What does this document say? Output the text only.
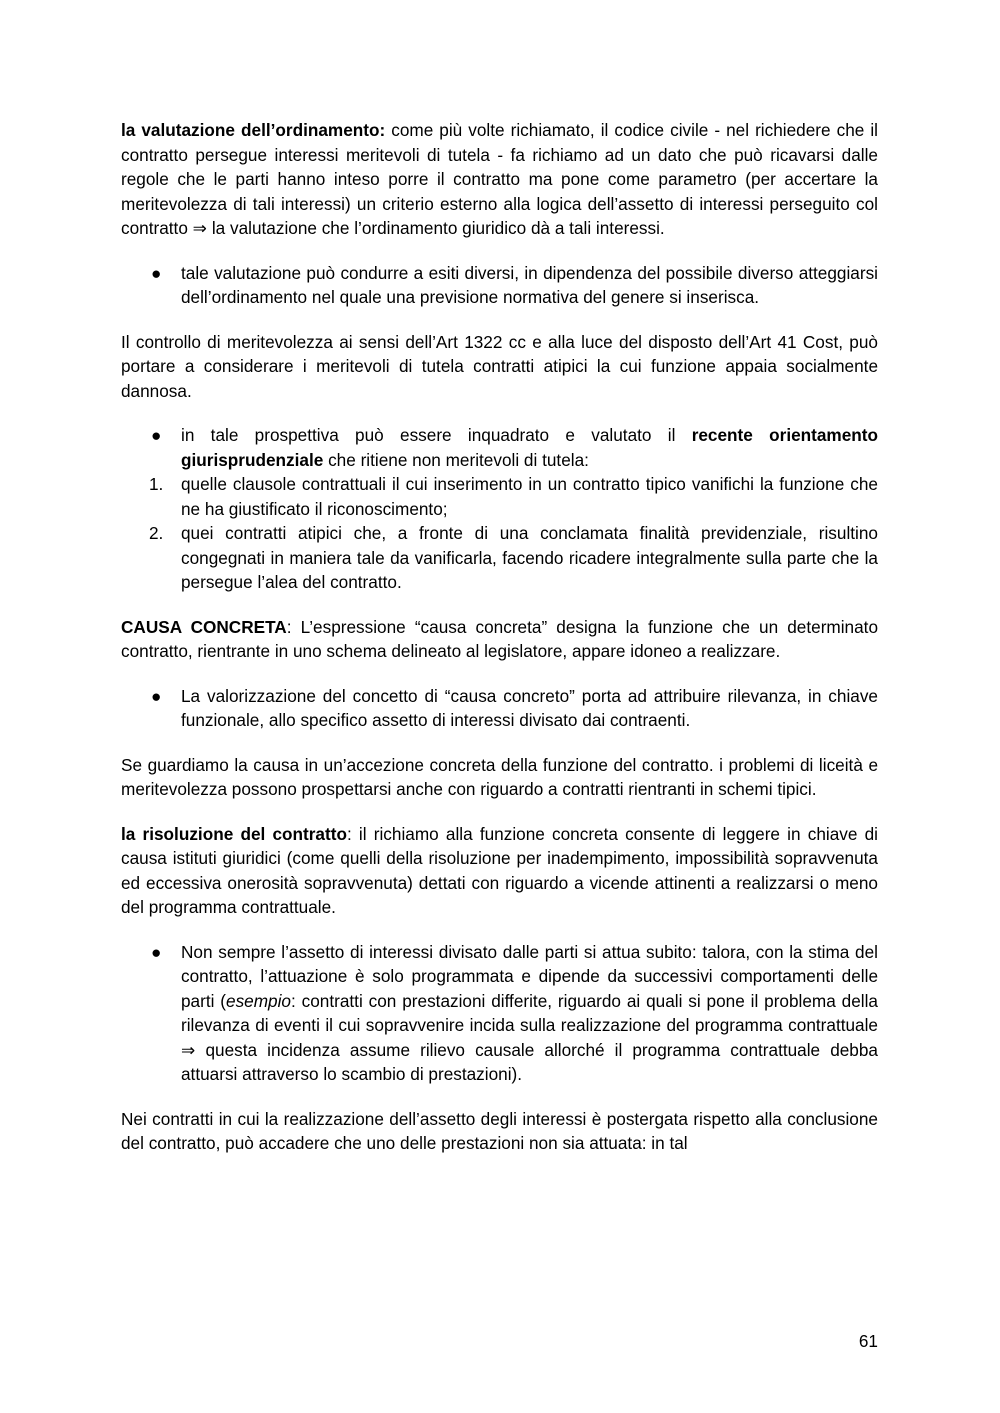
la valutazione dell’ordinamento: come più volte richiamato, il codice civile - nel richiedere che il contratto persegue interessi meritevoli di tutela - fa richiamo ad un dato che può ricavarsi dalle regole che le parti hanno inteso porre il contratto ma pone come parametro (per accertare la meritevolezza di tali interessi) un criterio esterno alla logica dell’assetto di interessi perseguito col contratto ⇒ la valutazione che l’ordinamento giuridico dà a tali interessi.

● tale valutazione può condurre a esiti diversi, in dipendenza del possibile diverso atteggiarsi dell’ordinamento nel quale una previsione normativa del genere si inserisca.

Il controllo di meritevolezza ai sensi dell’Art 1322 cc e alla luce del disposto dell’Art 41 Cost, può portare a considerare i meritevoli di tutela contratti atipici la cui funzione appaia socialmente dannosa.

● in tale prospettiva può essere inquadrato e valutato il recente orientamento giurisprudenziale che ritiene non meritevoli di tutela:
1. quelle clausole contrattuali il cui inserimento in un contratto tipico vanifichi la funzione che ne ha giustificato il riconoscimento;
2. quei contratti atipici che, a fronte di una conclamata finalità previdenziale, risultino congegnati in maniera tale da vanificarla, facendo ricadere integralmente sulla parte che la persegue l’alea del contratto.

CAUSA CONCRETA: L’espressione “causa concreta” designa la funzione che un determinato contratto, rientrante in uno schema delineato al legislatore, appare idoneo a realizzare.

● La valorizzazione del concetto di “causa concreto” porta ad attribuire rilevanza, in chiave funzionale, allo specifico assetto di interessi divisato dai contraenti.

Se guardiamo la causa in un’accezione concreta della funzione del contratto. i problemi di liceità e meritevolezza possono prospettarsi anche con riguardo a contratti rientranti in schemi tipici.

la risoluzione del contratto: il richiamo alla funzione concreta consente di leggere in chiave di causa istituti giuridici (come quelli della risoluzione per inadempimento, impossibilità sopravvenuta ed eccessiva onerosità sopravvenuta) dettati con riguardo a vicende attinenti a realizzarsi o meno del programma contrattuale.

● Non sempre l’assetto di interessi divisato dalle parti si attua subito: talora, con la stima del contratto, l’attuazione è solo programmata e dipende da successivi comportamenti delle parti (esempio: contratti con prestazioni differite, riguardo ai quali si pone il problema della rilevanza di eventi il cui sopravvenire incida sulla realizzazione del programma contrattuale ⇒ questa incidenza assume rilievo causale allorché il programma contrattuale debba attuarsi attraverso lo scambio di prestazioni).

Nei contratti in cui la realizzazione dell’assetto degli interessi è postergata rispetto alla conclusione del contratto, può accadere che uno delle prestazioni non sia attuata: in tal

61
